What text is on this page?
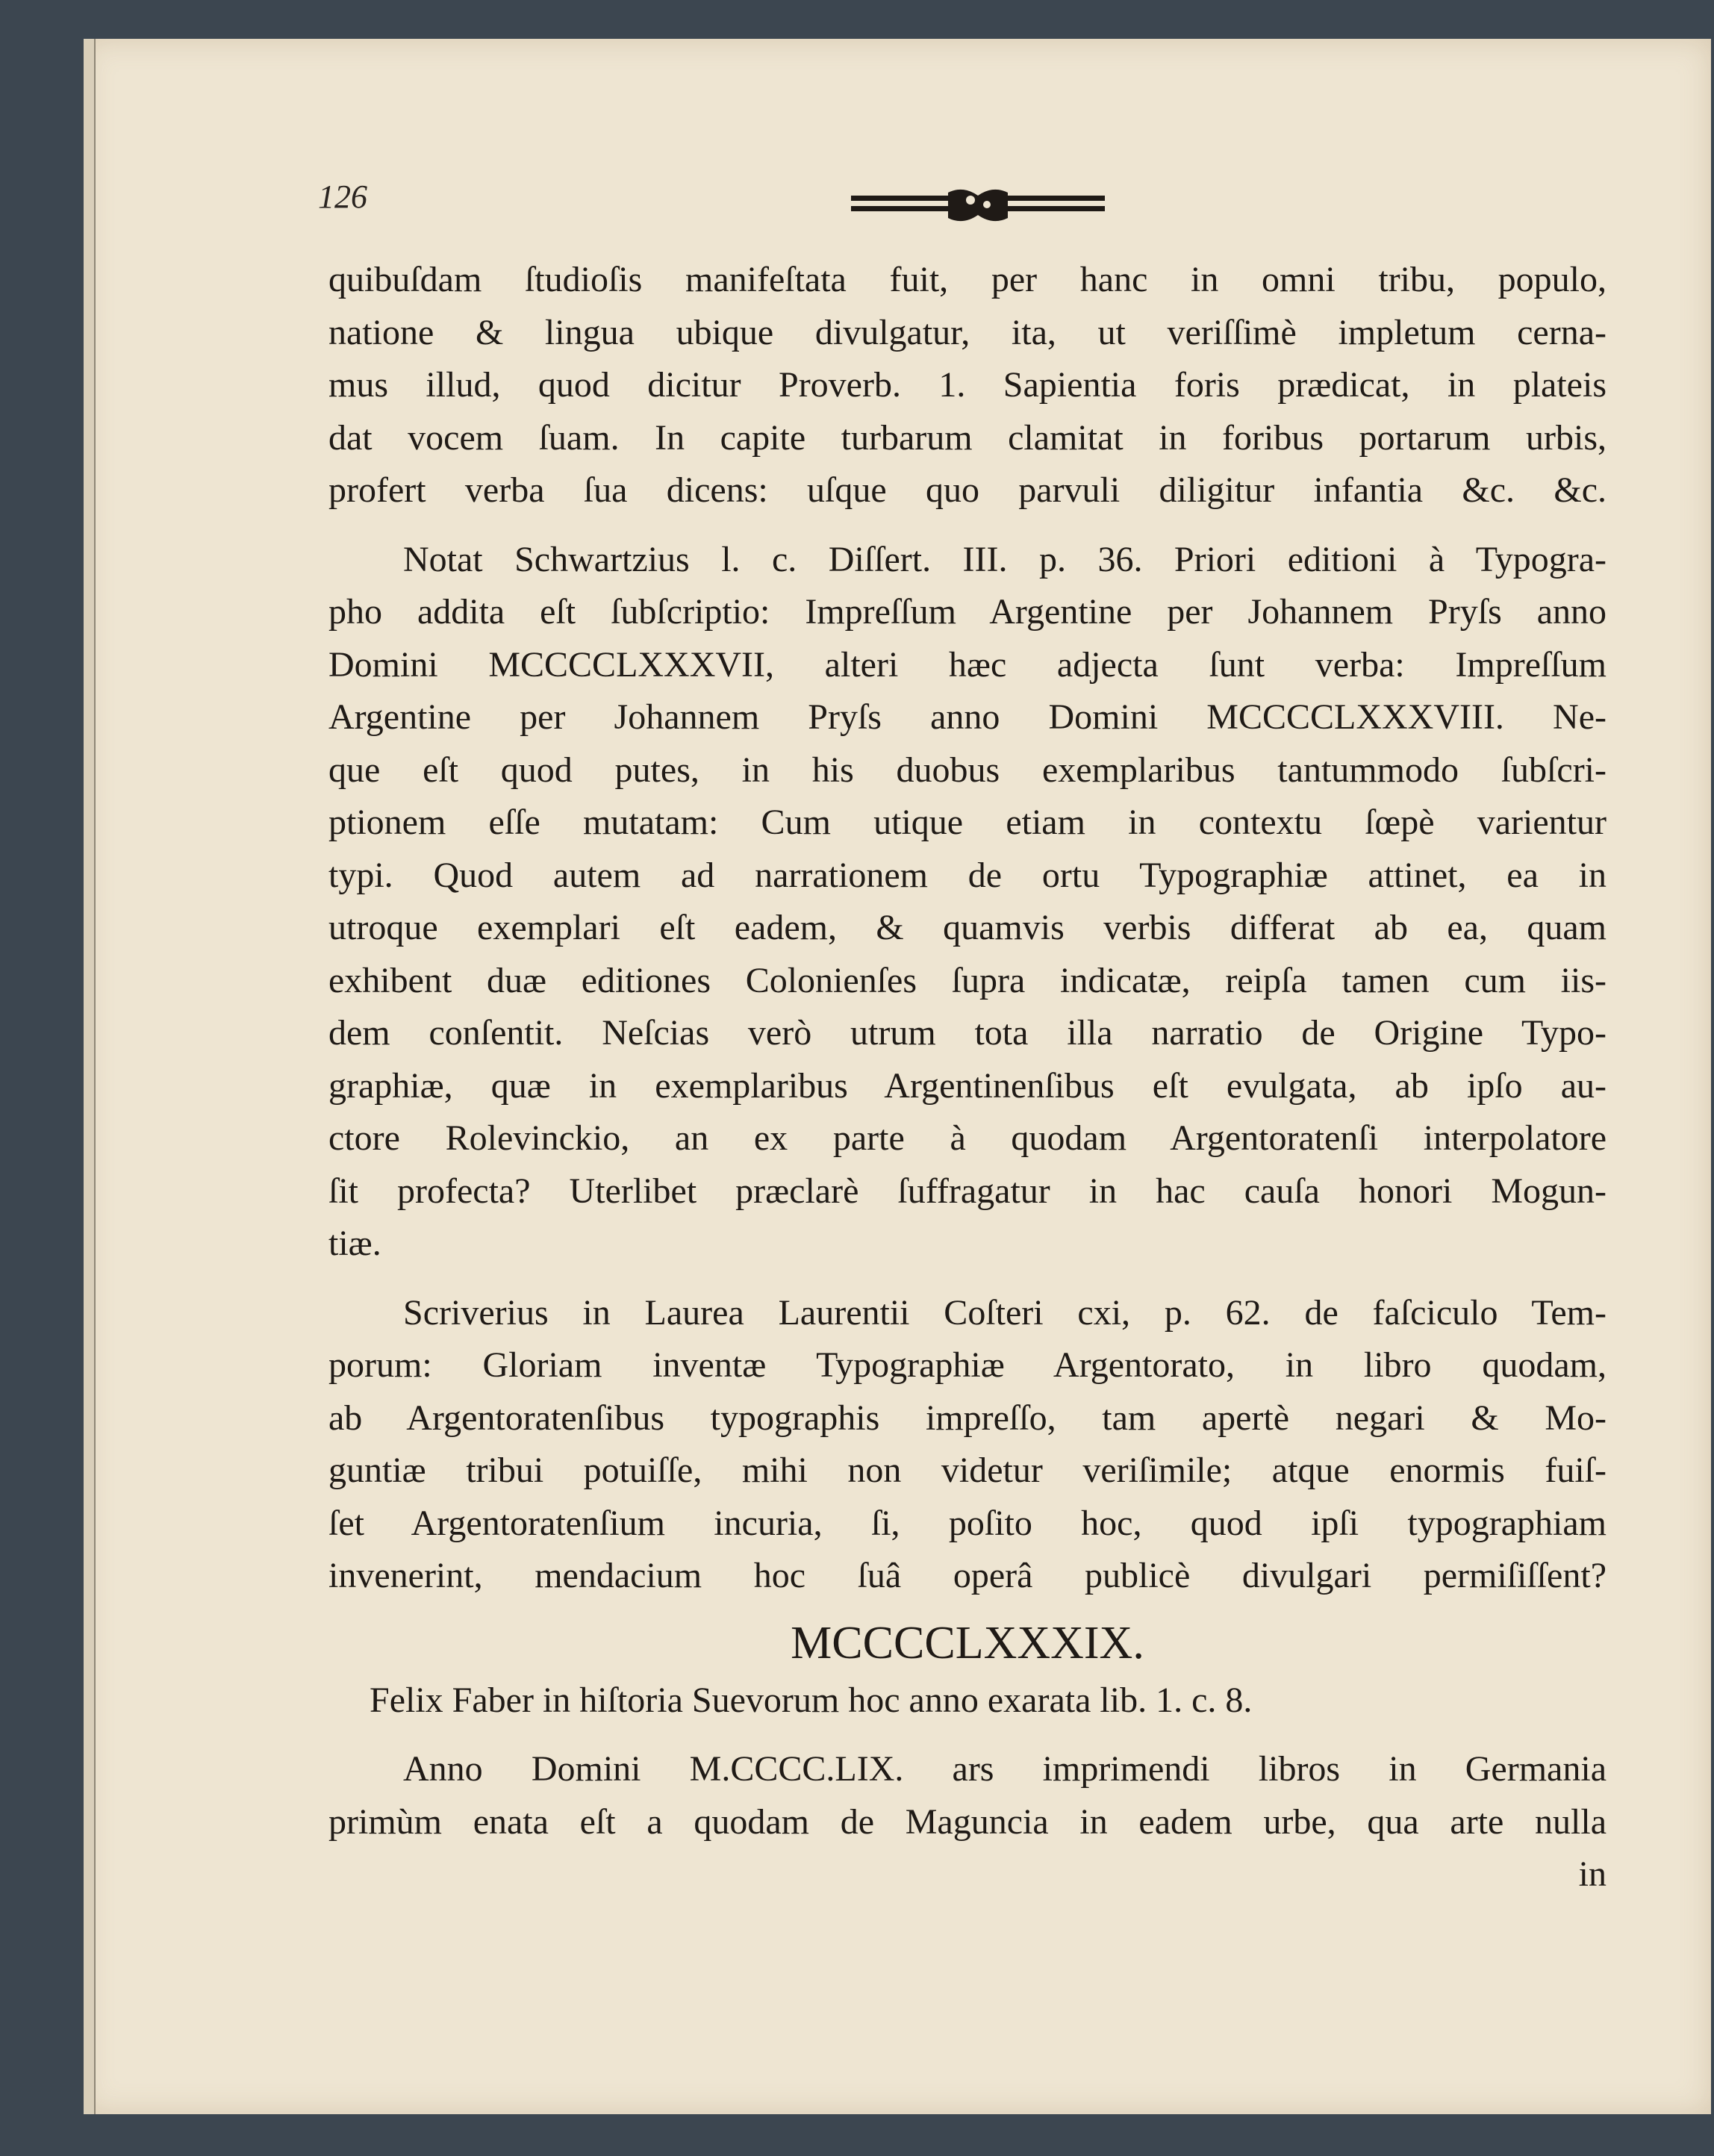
126
quibuſdam ſtudioſis manifeſtata fuit, per hanc in omni tribu, populo,
natione & lingua ubique divulgatur, ita, ut veriſſimè impletum cerna-
mus illud, quod dicitur Proverb. 1. Sapientia foris prædicat, in plateis
dat vocem ſuam. In capite turbarum clamitat in foribus portarum urbis,
profert verba ſua dicens: uſque quo parvuli diligitur infantia &c. &c.
Notat Schwartzius l. c. Diſſert. III. p. 36. Priori editioni à Typogra-
pho addita eſt ſubſcriptio: Impreſſum Argentine per Johannem Pryſs anno
Domini MCCCCLXXXVII, alteri hæc adjecta ſunt verba: Impreſſum
Argentine per Johannem Pryſs anno Domini MCCCCLXXXVIII. Ne-
que eſt quod putes, in his duobus exemplaribus tantummodo ſubſcri-
ptionem eſſe mutatam: Cum utique etiam in contextu ſœpè varientur
typi. Quod autem ad narrationem de ortu Typographiæ attinet, ea in
utroque exemplari eſt eadem, & quamvis verbis differat ab ea, quam
exhibent duæ editiones Colonienſes ſupra indicatæ, reipſa tamen cum iis-
dem conſentit. Neſcias verò utrum tota illa narratio de Origine Typo-
graphiæ, quæ in exemplaribus Argentinenſibus eſt evulgata, ab ipſo au-
ctore Rolevinckio, an ex parte à quodam Argentoratenſi interpolatore
ſit profecta? Uterlibet præclarè ſuffragatur in hac cauſa honori Mogun-
tiæ.
Scriverius in Laurea Laurentii Coſteri cxi, p. 62. de faſciculo Tem-
porum: Gloriam inventæ Typographiæ Argentorato, in libro quodam,
ab Argentoratenſibus typographis impreſſo, tam apertè negari & Mo-
guntiæ tribui potuiſſe, mihi non videtur veriſimile; atque enormis fuiſ-
ſet Argentoratenſium incuria, ſi, poſito hoc, quod ipſi typographiam
invenerint, mendacium hoc ſuâ operâ publicè divulgari permiſiſſent?
MCCCCLXXXIX.
Felix Faber in hiſtoria Suevorum hoc anno exarata lib. 1. c. 8.
Anno Domini M.CCCC.LIX. ars imprimendi libros in Germania
primùm enata eſt a quodam de Maguncia in eadem urbe, qua arte nulla
in
